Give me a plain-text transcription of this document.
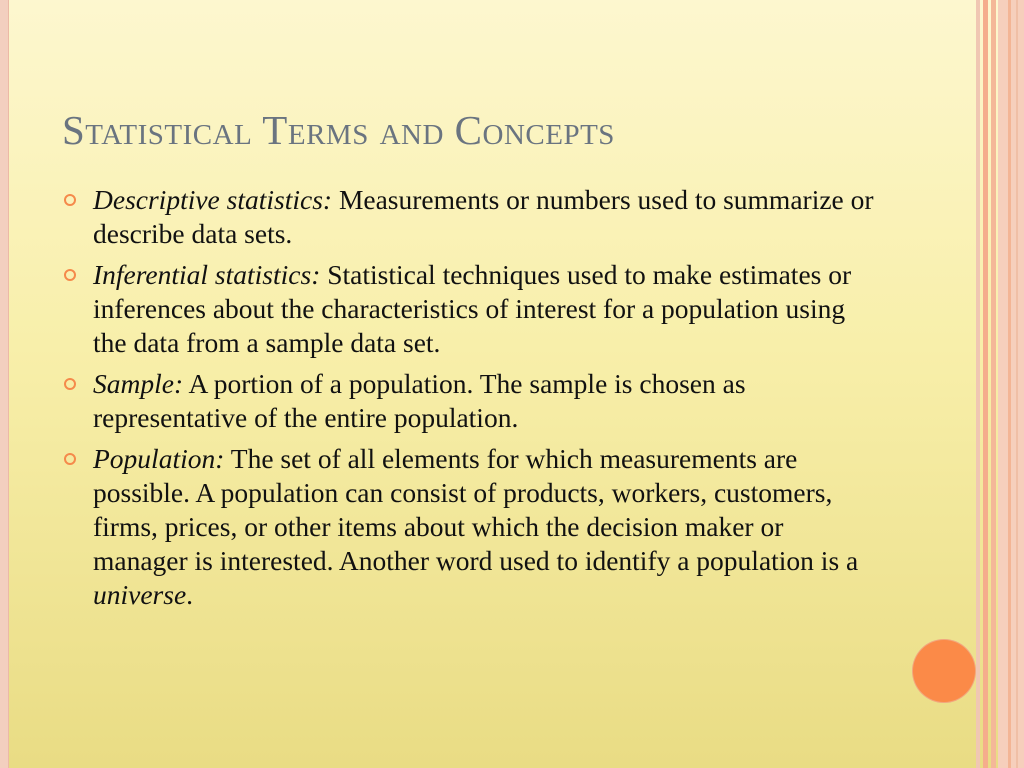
Statistical Terms and Concepts
Descriptive statistics: Measurements or numbers used to summarize or describe data sets.
Inferential statistics: Statistical techniques used to make estimates or inferences about the characteristics of interest for a population using the data from a sample data set.
Sample: A portion of a population. The sample is chosen as representative of the entire population.
Population: The set of all elements for which measurements are possible. A population can consist of products, workers, customers, firms, prices, or other items about which the decision maker or manager is interested. Another word used to identify a population is a universe.
